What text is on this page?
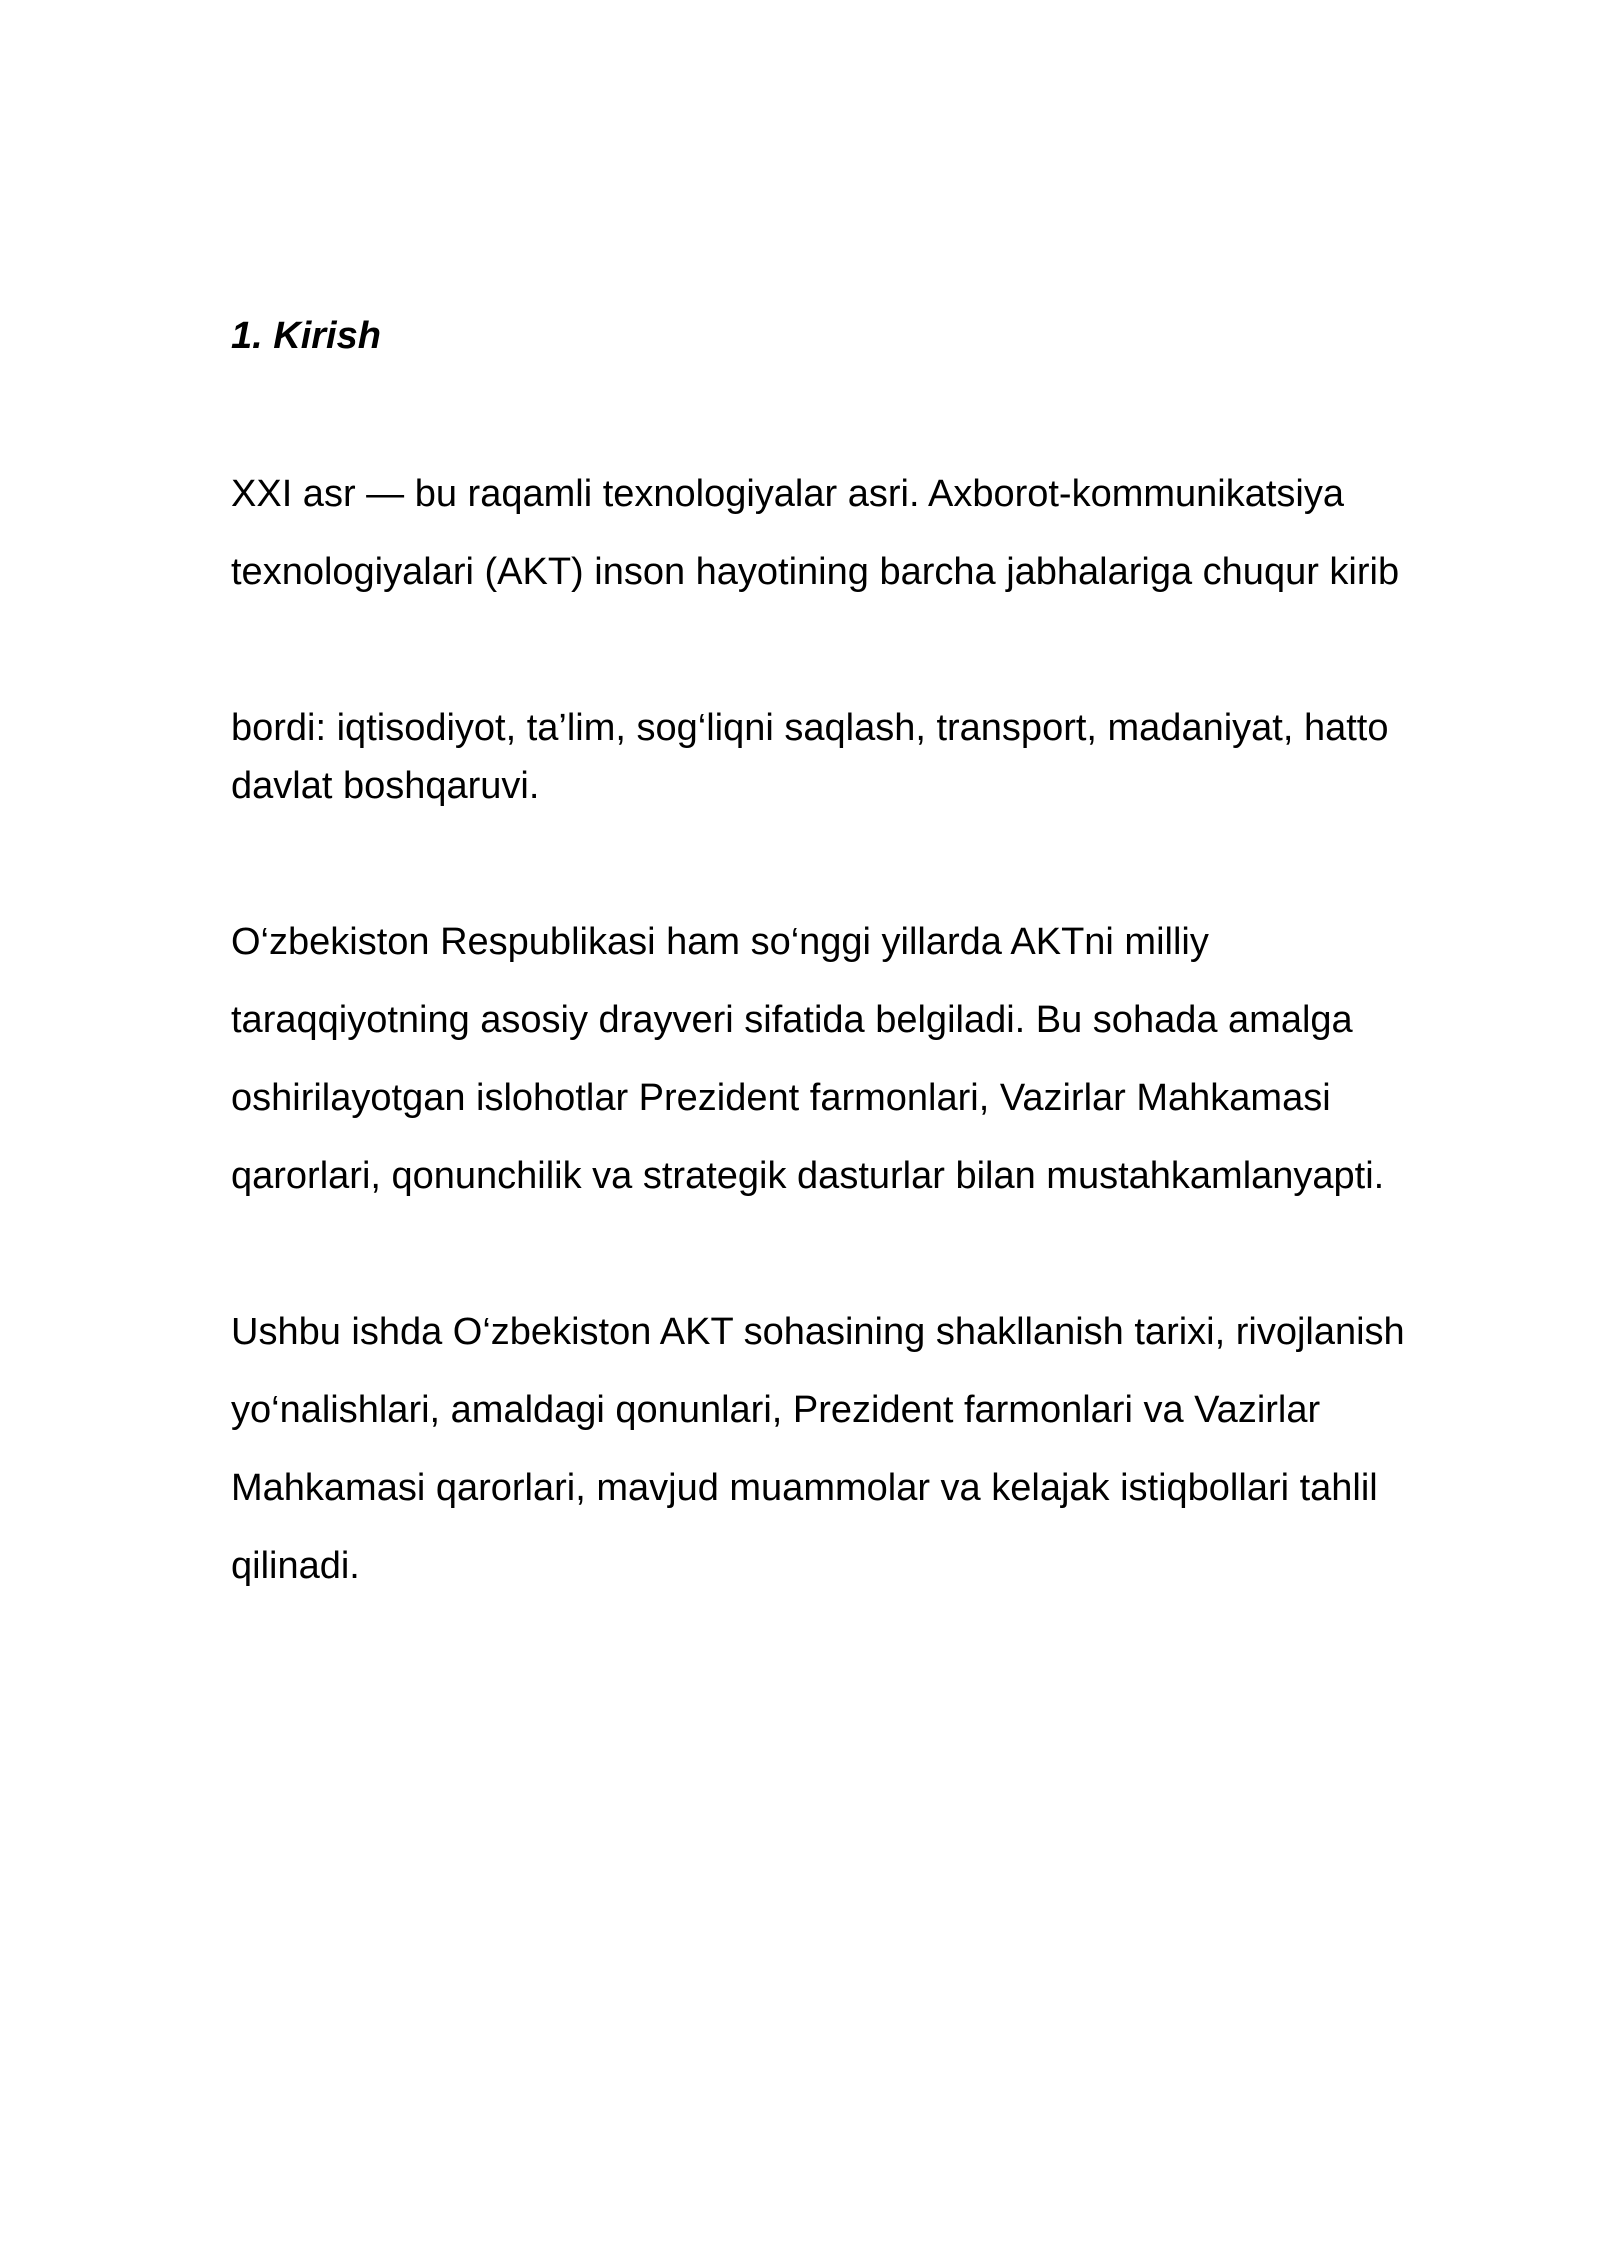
1. Kirish
XXI asr — bu raqamli texnologiyalar asri. Axborot-kommunikatsiya
texnologiyalari (AKT) inson hayotining barcha jabhalariga chuqur kirib
bordi: iqtisodiyot, ta’lim, sog‘liqni saqlash, transport, madaniyat, hatto
davlat boshqaruvi.
O‘zbekiston Respublikasi ham so‘nggi yillarda AKTni milliy
taraqqiyotning asosiy drayveri sifatida belgiladi. Bu sohada amalga
oshirilayotgan islohotlar Prezident farmonlari, Vazirlar Mahkamasi
qarorlari, qonunchilik va strategik dasturlar bilan mustahkamlanyapti.
Ushbu ishda O‘zbekiston AKT sohasining shakllanish tarixi, rivojlanish
yo‘nalishlari, amaldagi qonunlari, Prezident farmonlari va Vazirlar
Mahkamasi qarorlari, mavjud muammolar va kelajak istiqbollari tahlil
qilinadi.
